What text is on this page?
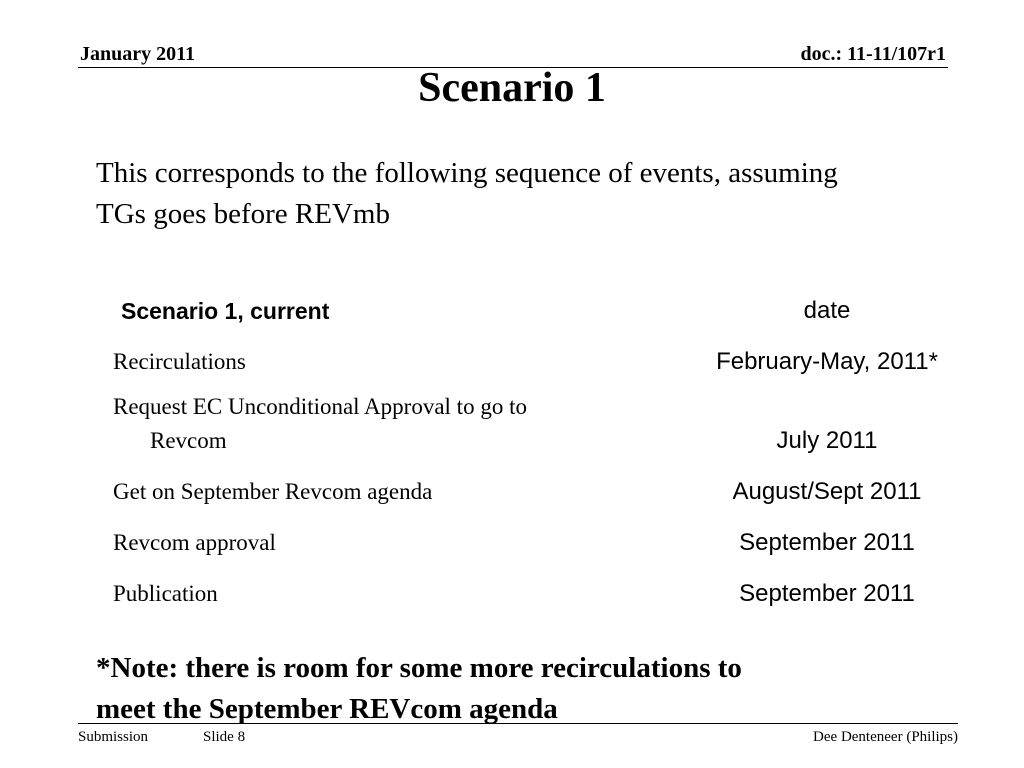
January 2011	doc.: 11-11/107r1
Scenario 1
This corresponds to the following sequence of events, assuming TGs goes before REVmb
Scenario 1, current	date
Recirculations	February-May, 2011*
Request EC Unconditional Approval to go to
Revcom	July 2011
Get on September Revcom agenda	August/Sept 2011
Revcom approval	September 2011
Publication	September 2011
*Note: there is room for some more recirculations to
meet the September REVcom agenda
Submission	Slide 8	Dee Denteneer (Philips)
